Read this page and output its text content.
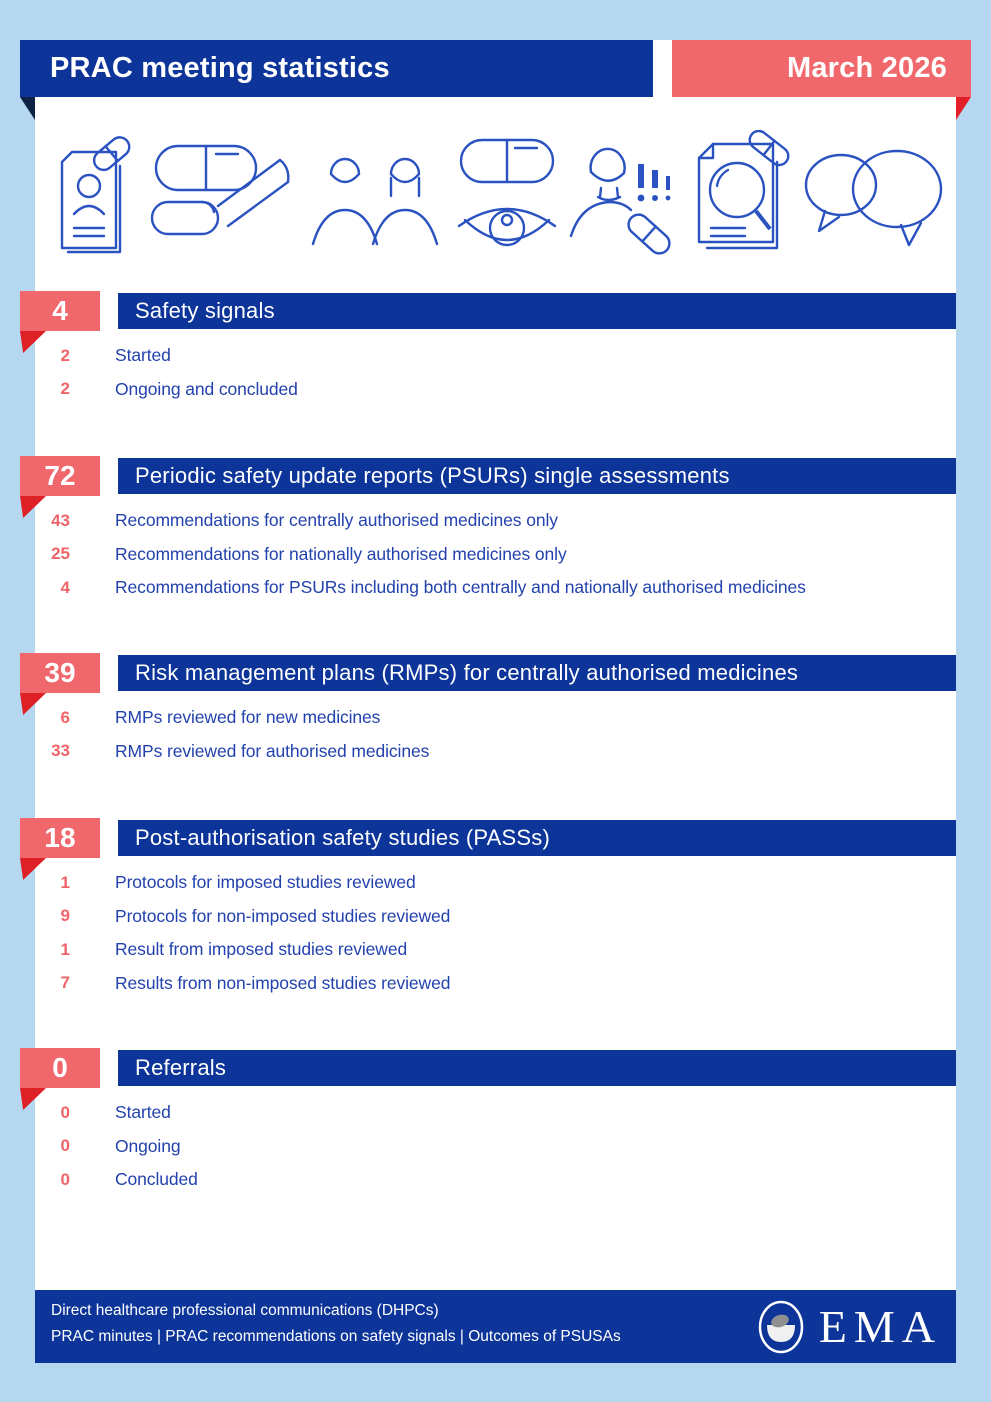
PRAC meeting statistics	March 2026
4	Safety signals
2	Started
2	Ongoing and concluded
72	Periodic safety update reports (PSURs) single assessments
43	Recommendations for centrally authorised medicines only
25	Recommendations for nationally authorised medicines only
4	Recommendations for PSURs including both centrally and nationally authorised medicines
39	Risk management plans (RMPs) for centrally authorised medicines
6	RMPs reviewed for new medicines
33	RMPs reviewed for authorised medicines
18	Post-authorisation safety studies (PASSs)
1	Protocols for imposed studies reviewed
9	Protocols for non-imposed studies reviewed
1	Result from imposed studies reviewed
7	Results from non-imposed studies reviewed
0	Referrals
0	Started
0	Ongoing
0	Concluded
Direct healthcare professional communications (DHPCs)
PRAC minutes | PRAC recommendations on safety signals | Outcomes of PSUSAs	EMA
